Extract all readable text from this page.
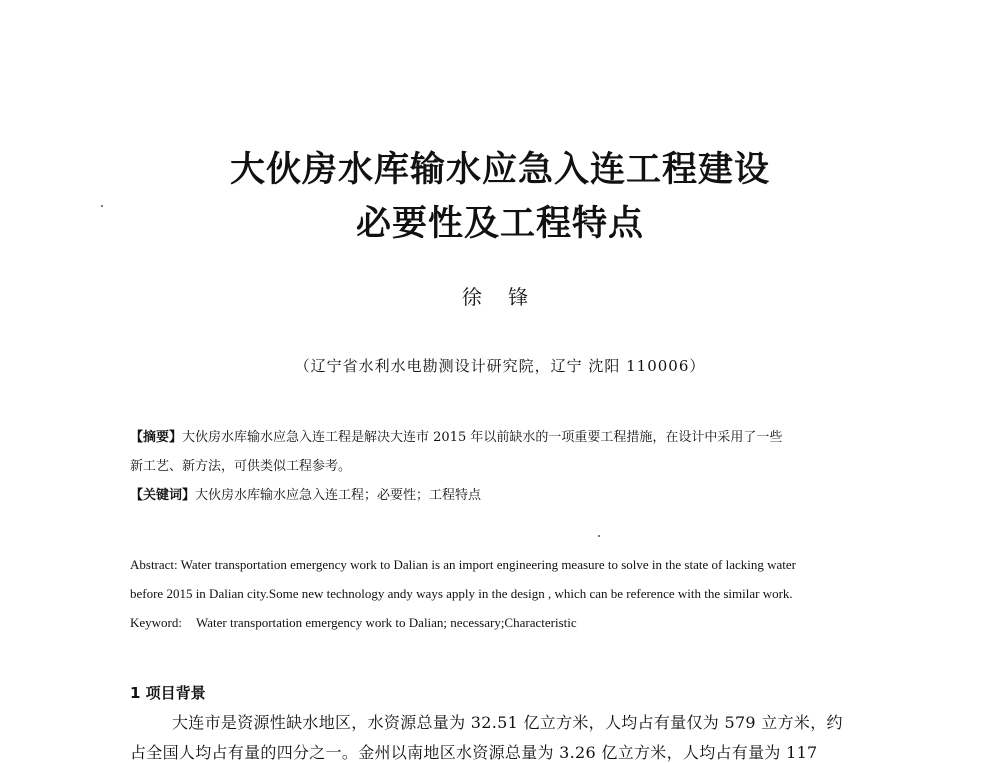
大伙房水库输水应急入连工程建设
必要性及工程特点
徐 锋
（辽宁省水利水电勘测设计研究院，辽宁 沈阳 110006）
【摘要】大伙房水库输水应急入连工程是解决大连市 2015 年以前缺水的一项重要工程措施，在设计中采用了一些
新工艺、新方法，可供类似工程参考。
【关键词】大伙房水库输水应急入连工程；必要性；工程特点
Abstract: Water transportation emergency work to Dalian is an import engineering measure to solve in the state of lacking water
before 2015 in Dalian city.Some new technology andy ways apply in the design , which can be reference with the similar work.
Keyword: Water transportation emergency work to Dalian; necessary;Characteristic
1 项目背景
大连市是资源性缺水地区，水资源总量为 32.51 亿立方米，人均占有量仅为 579 立方米，约
占全国人均占有量的四分之一。金州以南地区水资源总量为 3.26 亿立方米，人均占有量为 117
